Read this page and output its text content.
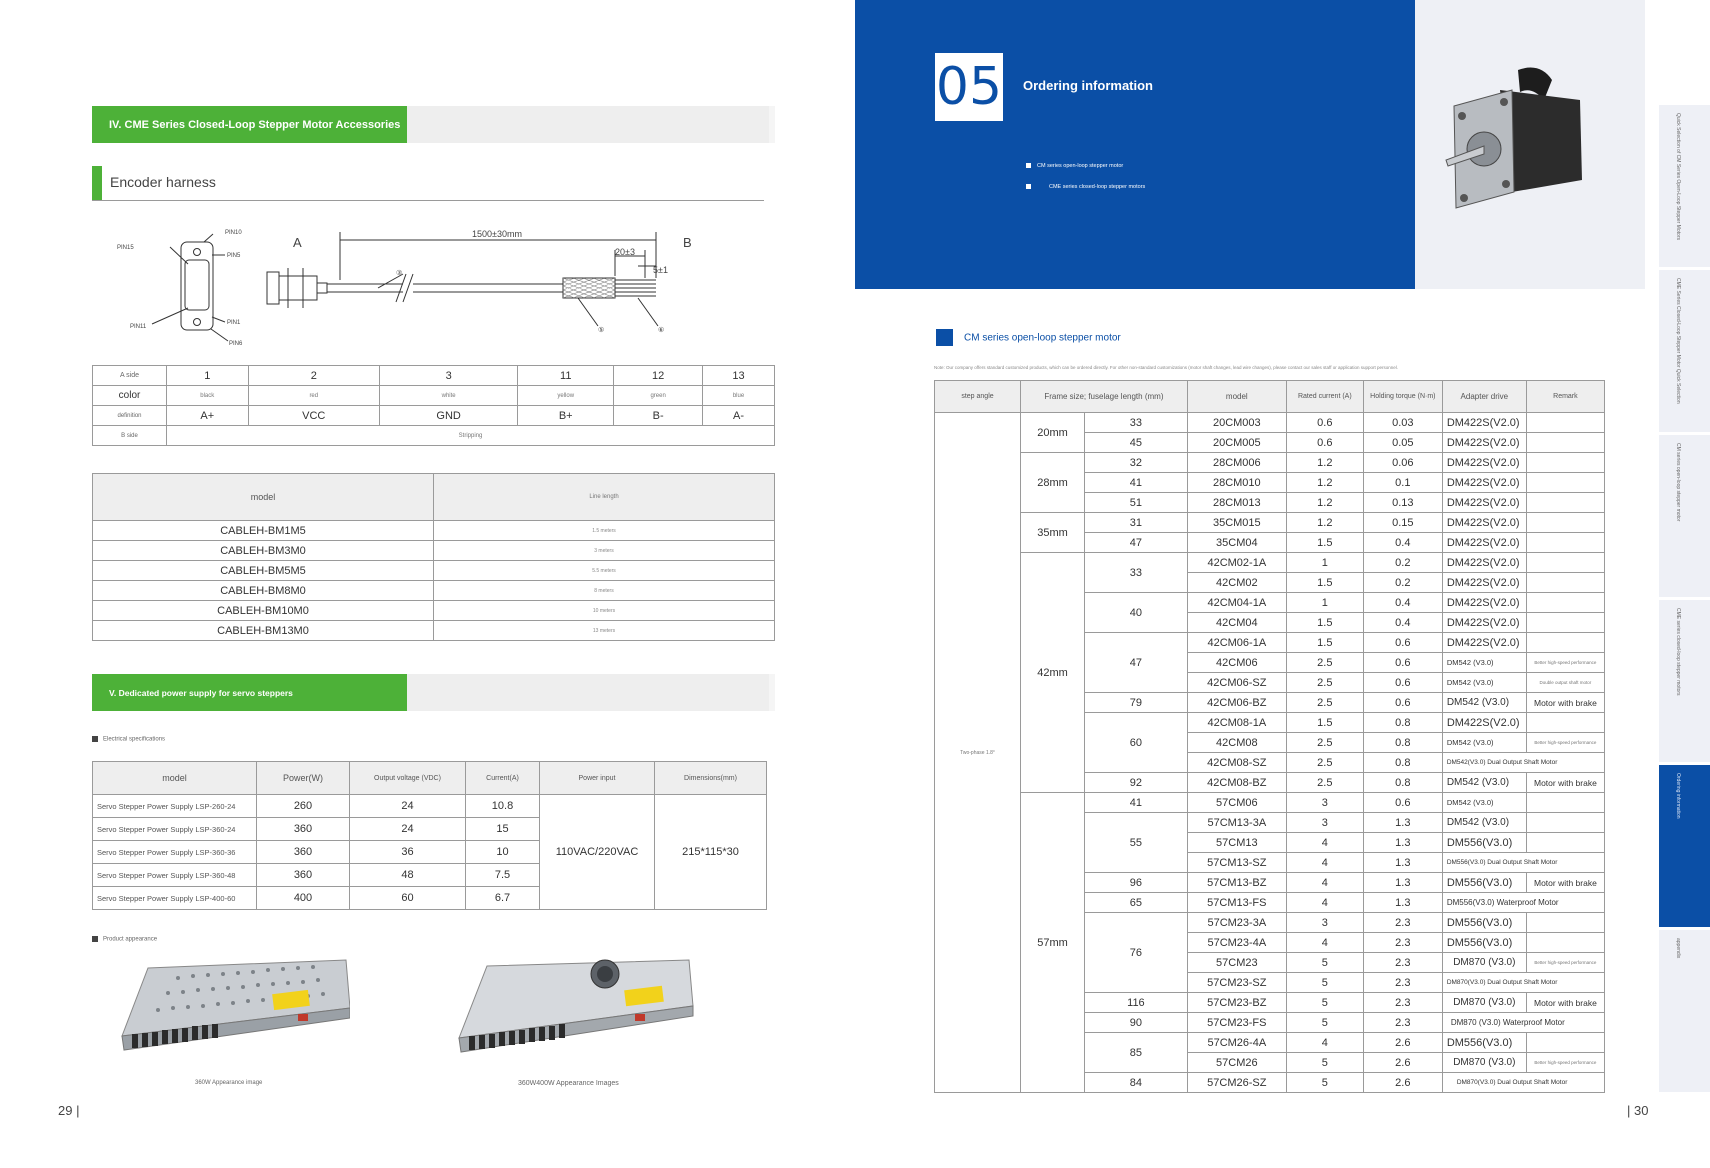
IV. CME Series Closed-Loop Stepper Motor Accessories
Encoder harness
PIN10
PIN15
PIN5
PIN11
PIN1
PIN6
A	B
1500±30mm
20±3
5±1
③
⑤	⑥
A side	1	2	3	11	12	13
color	black	red	white	yellow	green	blue
definition	A+	VCC	GND	B+	B-	A-
B side	Stripping					
model	Line length
CABLEH-BM1M5	1.5 meters
CABLEH-BM3M0	3 meters
CABLEH-BM5M5	5.5 meters
CABLEH-BM8M0	8 meters
CABLEH-BM10M0	10 meters
CABLEH-BM13M0	13 meters
V. Dedicated power supply for servo steppers
Electrical specifications
model	Power(W)	Output voltage (VDC)	Current(A)	Power input	Dimensions(mm)
Servo Stepper Power Supply LSP-260-24	260	24	10.8	110VAC/220VAC	215*115*30
Servo Stepper Power Supply LSP-360-24	360	24	15		
Servo Stepper Power Supply LSP-360-36	360	36	10		
Servo Stepper Power Supply LSP-360-48	360	48	7.5		
Servo Stepper Power Supply LSP-400-60	400	60	6.7		
Product appearance
360W Appearance image	360W400W Appearance Images
29 |
05 Ordering information
CM series open-loop stepper motor
CME series closed-loop stepper motors	Quick Selection of CM Series Open-Loop Stepper Motors
CME Series Closed-Loop Stepper Motor Quick Selection
CM series open-loop stepper motor
CME series closed-loop stepper motors
Ordering information
appendix
CM series open-loop stepper motor
Note: Our company offers standard customized products, which can be ordered directly. For other non-standard customizations (motor shaft changes, lead wire changes), please contact our sales staff or application support personnel.
step angle	Frame size; fuselage length (mm)		model	Rated current (A)	Holding torque (N·m)	Adapter drive	Remark
Two-phase 1.8°	20mm	33	20CM003	0.6	0.03	DM422S(V2.0)	
		45	20CM005	0.6	0.05	DM422S(V2.0)	
	28mm	32	28CM006	1.2	0.06	DM422S(V2.0)	
		41	28CM010	1.2	0.1	DM422S(V2.0)	
		51	28CM013	1.2	0.13	DM422S(V2.0)	
	35mm	31	35CM015	1.2	0.15	DM422S(V2.0)	
		47	35CM04	1.5	0.4	DM422S(V2.0)	
	42mm	33	42CM02-1A	1	0.2	DM422S(V2.0)	
			42CM02	1.5	0.2	DM422S(V2.0)	
		40	42CM04-1A	1	0.4	DM422S(V2.0)	
			42CM04	1.5	0.4	DM422S(V2.0)	
		47	42CM06-1A	1.5	0.6	DM422S(V2.0)	
			42CM06	2.5	0.6	DM542 (V3.0)	Better high-speed performance
			42CM06-SZ	2.5	0.6	DM542 (V3.0)	Double output shaft motor
		79	42CM06-BZ	2.5	0.6	DM542 (V3.0)	Motor with brake
		60	42CM08-1A	1.5	0.8	DM422S(V2.0)	
			42CM08	2.5	0.8	DM542 (V3.0)	Better high-speed performance
			42CM08-SZ	2.5	0.8	DM542(V3.0) Dual Output Shaft Motor	
		92	42CM08-BZ	2.5	0.8	DM542 (V3.0)	Motor with brake
	57mm	41	57CM06	3	0.6	DM542 (V3.0)	
		55	57CM13-3A	3	1.3	DM542 (V3.0)	
			57CM13	4	1.3	DM556(V3.0)	
			57CM13-SZ	4	1.3	DM556(V3.0) Dual Output Shaft Motor	
		96	57CM13-BZ	4	1.3	DM556(V3.0)	Motor with brake
		65	57CM13-FS	4	1.3	DM556(V3.0) Waterproof Motor	
		76	57CM23-3A	3	2.3	DM556(V3.0)	
			57CM23-4A	4	2.3	DM556(V3.0)	
			57CM23	5	2.3	DM870 (V3.0)	Better high-speed performance
			57CM23-SZ	5	2.3	DM870(V3.0) Dual Output Shaft Motor	
		116	57CM23-BZ	5	2.3	DM870 (V3.0)	Motor with brake
		90	57CM23-FS	5	2.3	DM870 (V3.0) Waterproof Motor	
		85	57CM26-4A	4	2.6	DM556(V3.0)	
			57CM26	5	2.6	DM870 (V3.0)	Better high-speed performance
		84	57CM26-SZ	5	2.6	DM870(V3.0) Dual Output Shaft Motor	
| 30
